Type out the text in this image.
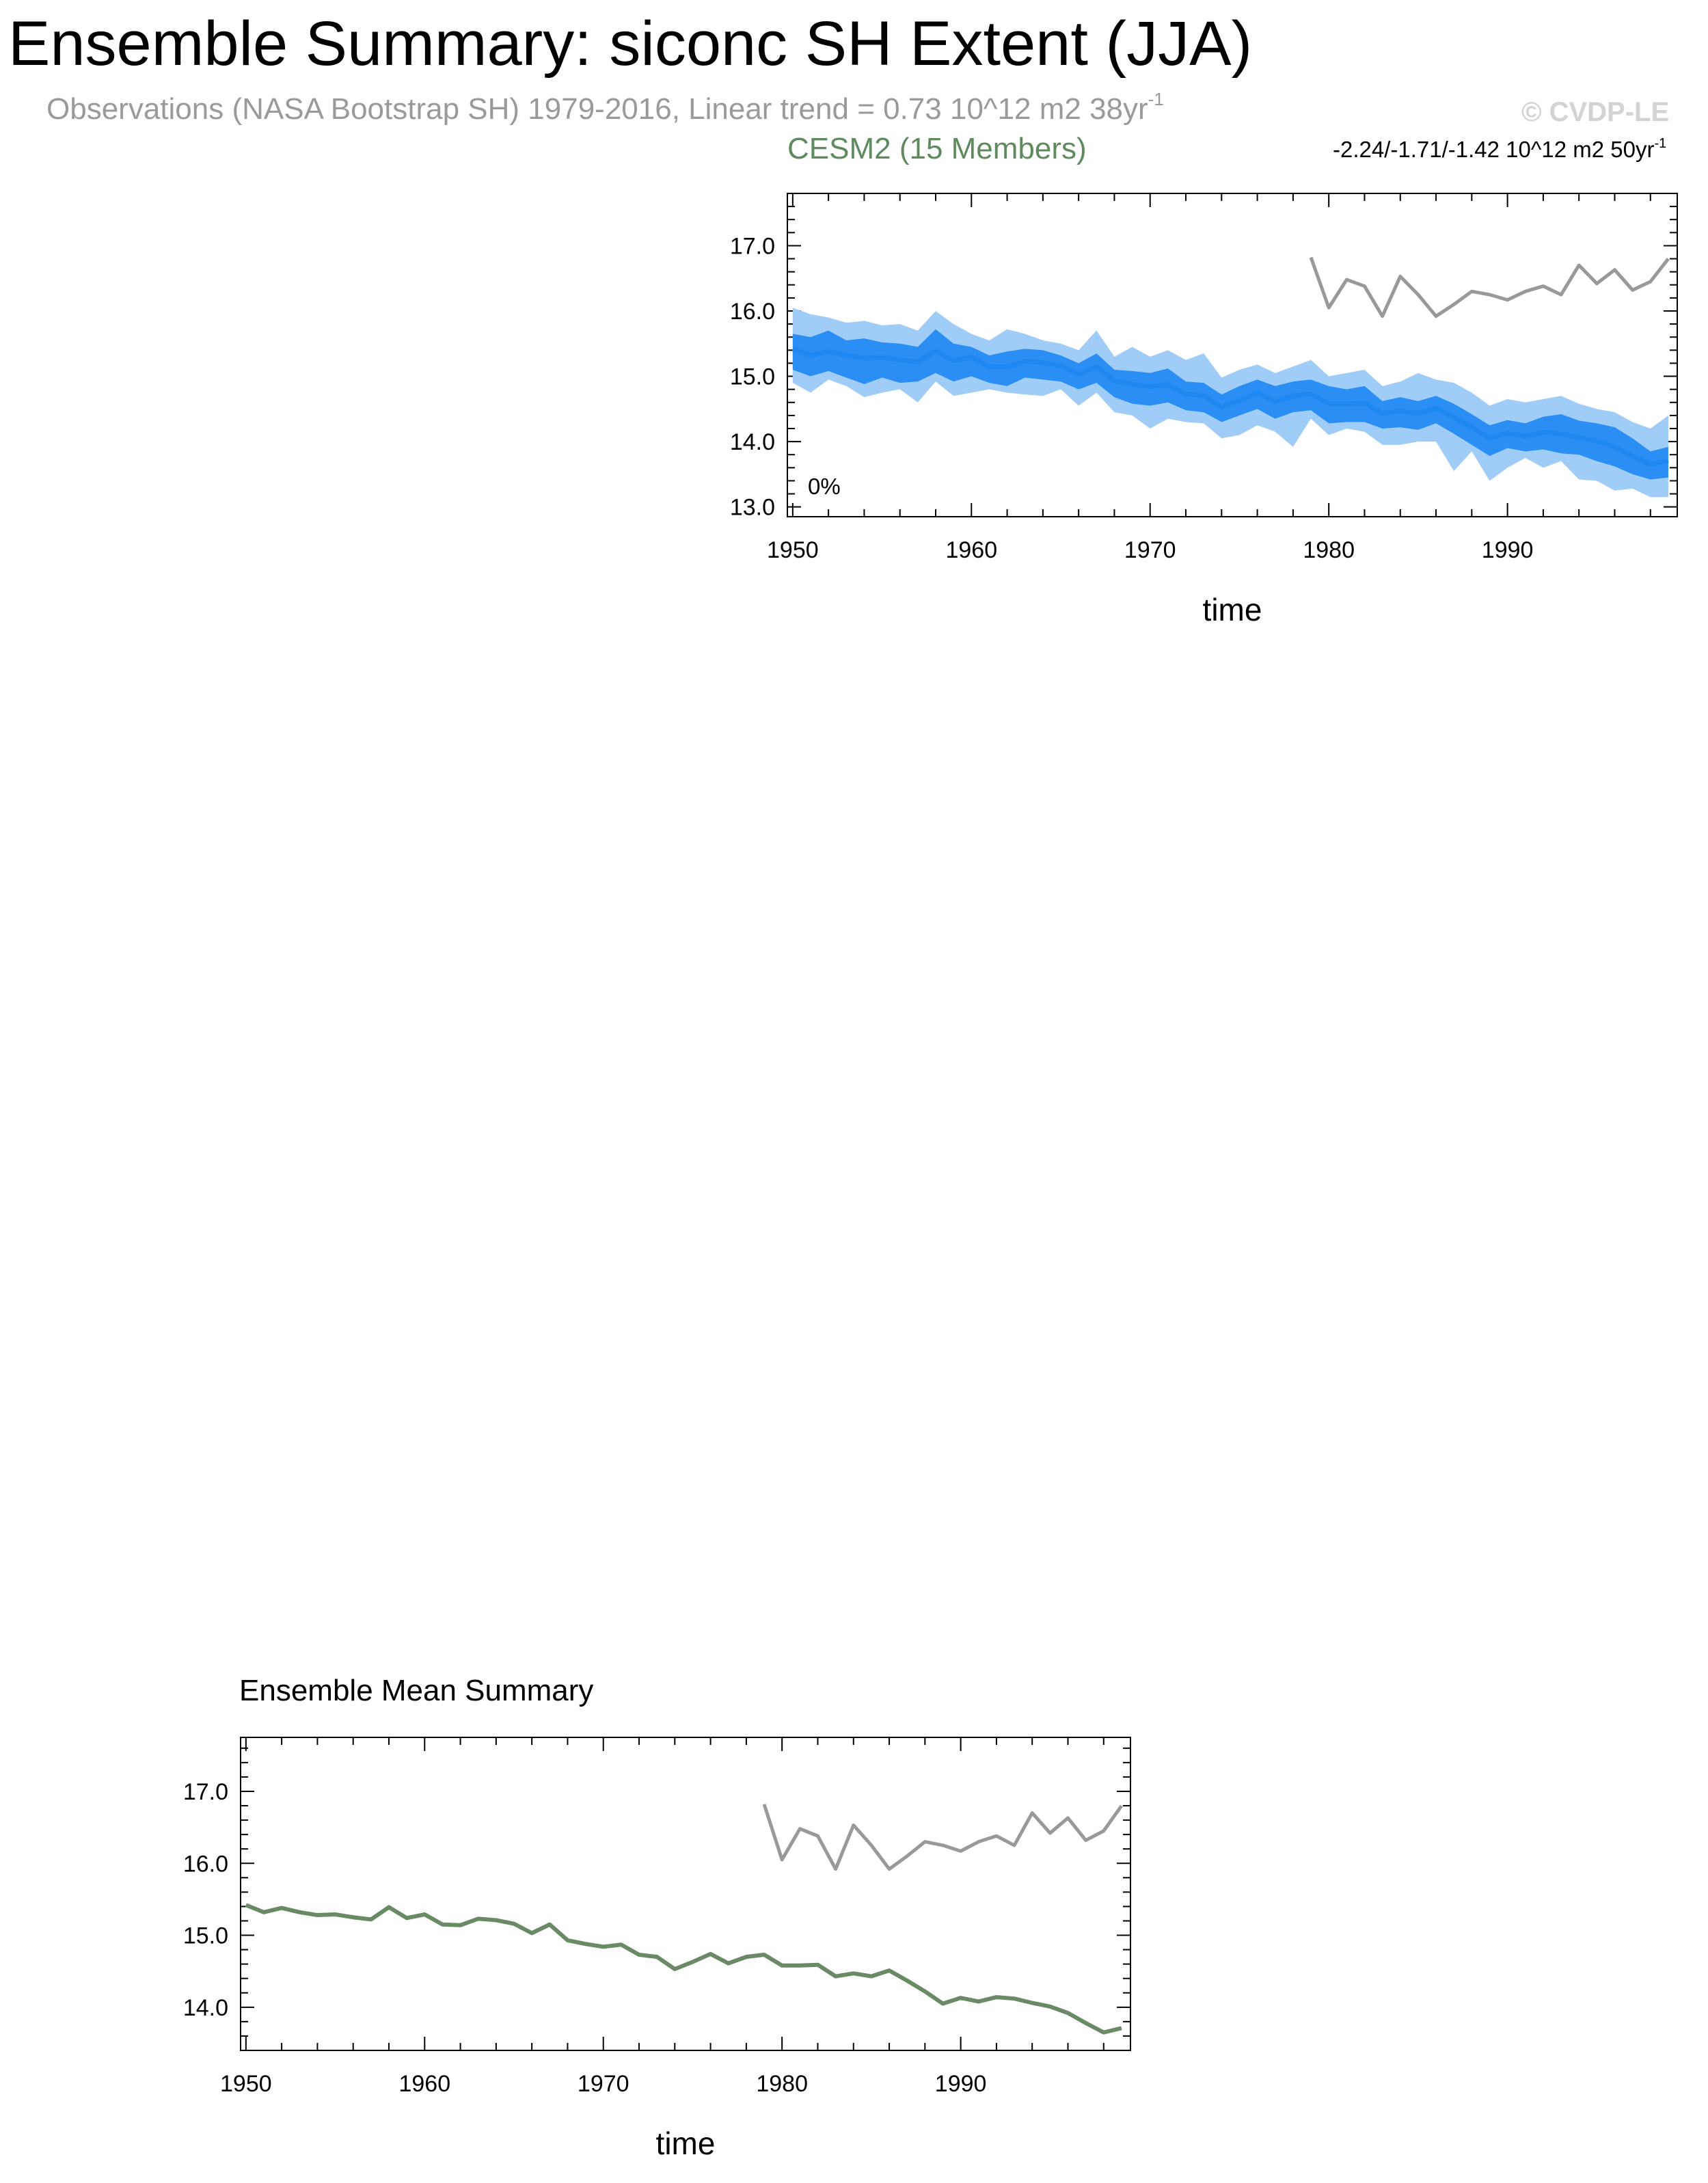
Ensemble Summary: siconc SH Extent (JJA)
Observations (NASA Bootstrap SH) 1979-2016, Linear trend = 0.73 10^12 m2 $38yr^{-1}$	© CVDP-LE
CESM2 (15 Members)	-2.24/-1.71/-1.42 10^12 m2 $50yr^{-1}$
Ensemble Mean Summary
1950	1960	1970	1980	1990
13.0
14.0
15.0
16.0
17.0
time
0%
1950	1960	1970	1980	1990
14.0
15.0
16.0
17.0
time
